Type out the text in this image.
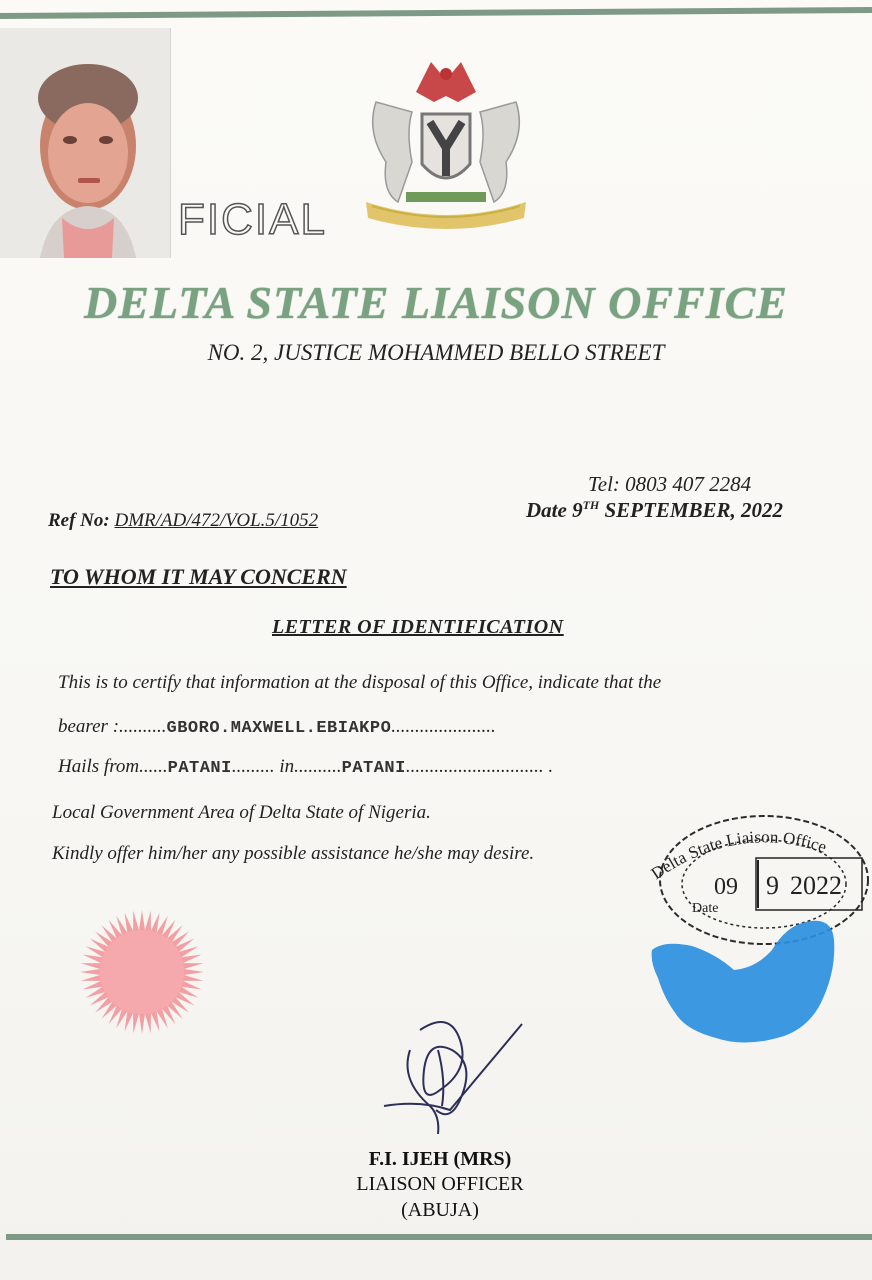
FICIAL
DELTA STATE LIAISON OFFICE
NO. 2, JUSTICE MOHAMMED BELLO STREET
Tel: 0803 407 2284
Ref No: DMR/AD/472/VOL.5/1052	Date 9TH SEPTEMBER, 2022
TO WHOM IT MAY CONCERN
LETTER OF IDENTIFICATION
This is to certify that information at the disposal of this Office, indicate that the
bearer :..........GBORO.MAXWELL.EBIAKPO......................
Hails from......PATANI......... in..........PATANI............................. .
Local Government Area of Delta State of Nigeria.
Kindly offer him/her any possible assistance he/she may desire.
Delta State Liaison Office
09 9 2022
Date
F.I. IJEH (MRS)
LIAISON OFFICER
(ABUJA)
